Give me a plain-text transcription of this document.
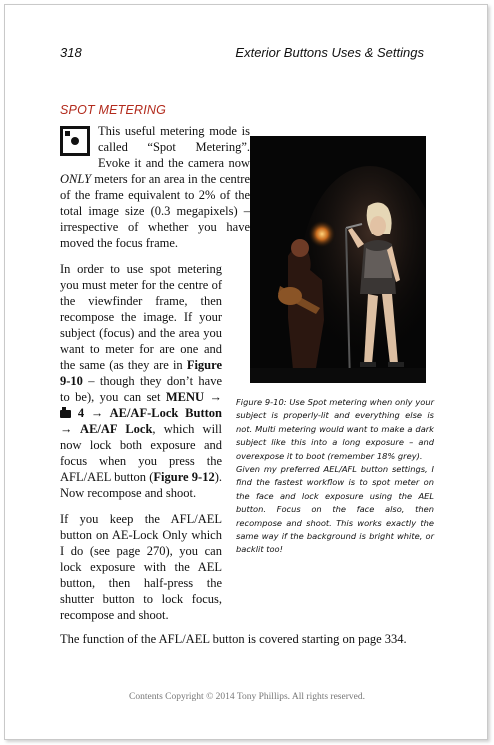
318	Exterior Buttons Uses & Settings
SPOT METERING

This useful metering mode is called “Spot Metering”. Evoke it and the camera now ONLY meters for an area in the centre of the frame equivalent to 2% of the total image size (0.3 megapixels) – irrespective of whether you have moved the focus frame.

In order to use spot metering you must meter for the centre of the viewfinder frame, then recompose the image. If your subject (focus) and the area you want to meter for are one and the same (as they are in Figure 9-10 – though they don’t have to be), you can set MENU →  4 → AE/AF-Lock Button → AE/AF Lock, which will now lock both exposure and focus when you press the AFL/AEL button (Figure 9-12). Now recompose and shoot.

If you keep the AFL/AEL button on AE-Lock Only which I do (see page 270), you can lock exposure with the AEL button, then half-press the shutter button to lock focus, recompose and shoot.

Figure 9-10: Use Spot metering when only your subject is properly-lit and everything else is not. Multi metering would want to make a dark subject like this into a long exposure – and overexpose it to boot (remember 18% grey).

Given my preferred AEL/AFL button settings, I find the fastest workflow is to spot meter on the face and lock exposure using the AEL button. Focus on the face also, then recompose and shoot. This works exactly the same way if the background is bright white, or backlit too!

The function of the AFL/AEL button is covered starting on page 334.
Contents Copyright © 2014 Tony Phillips. All rights reserved.
